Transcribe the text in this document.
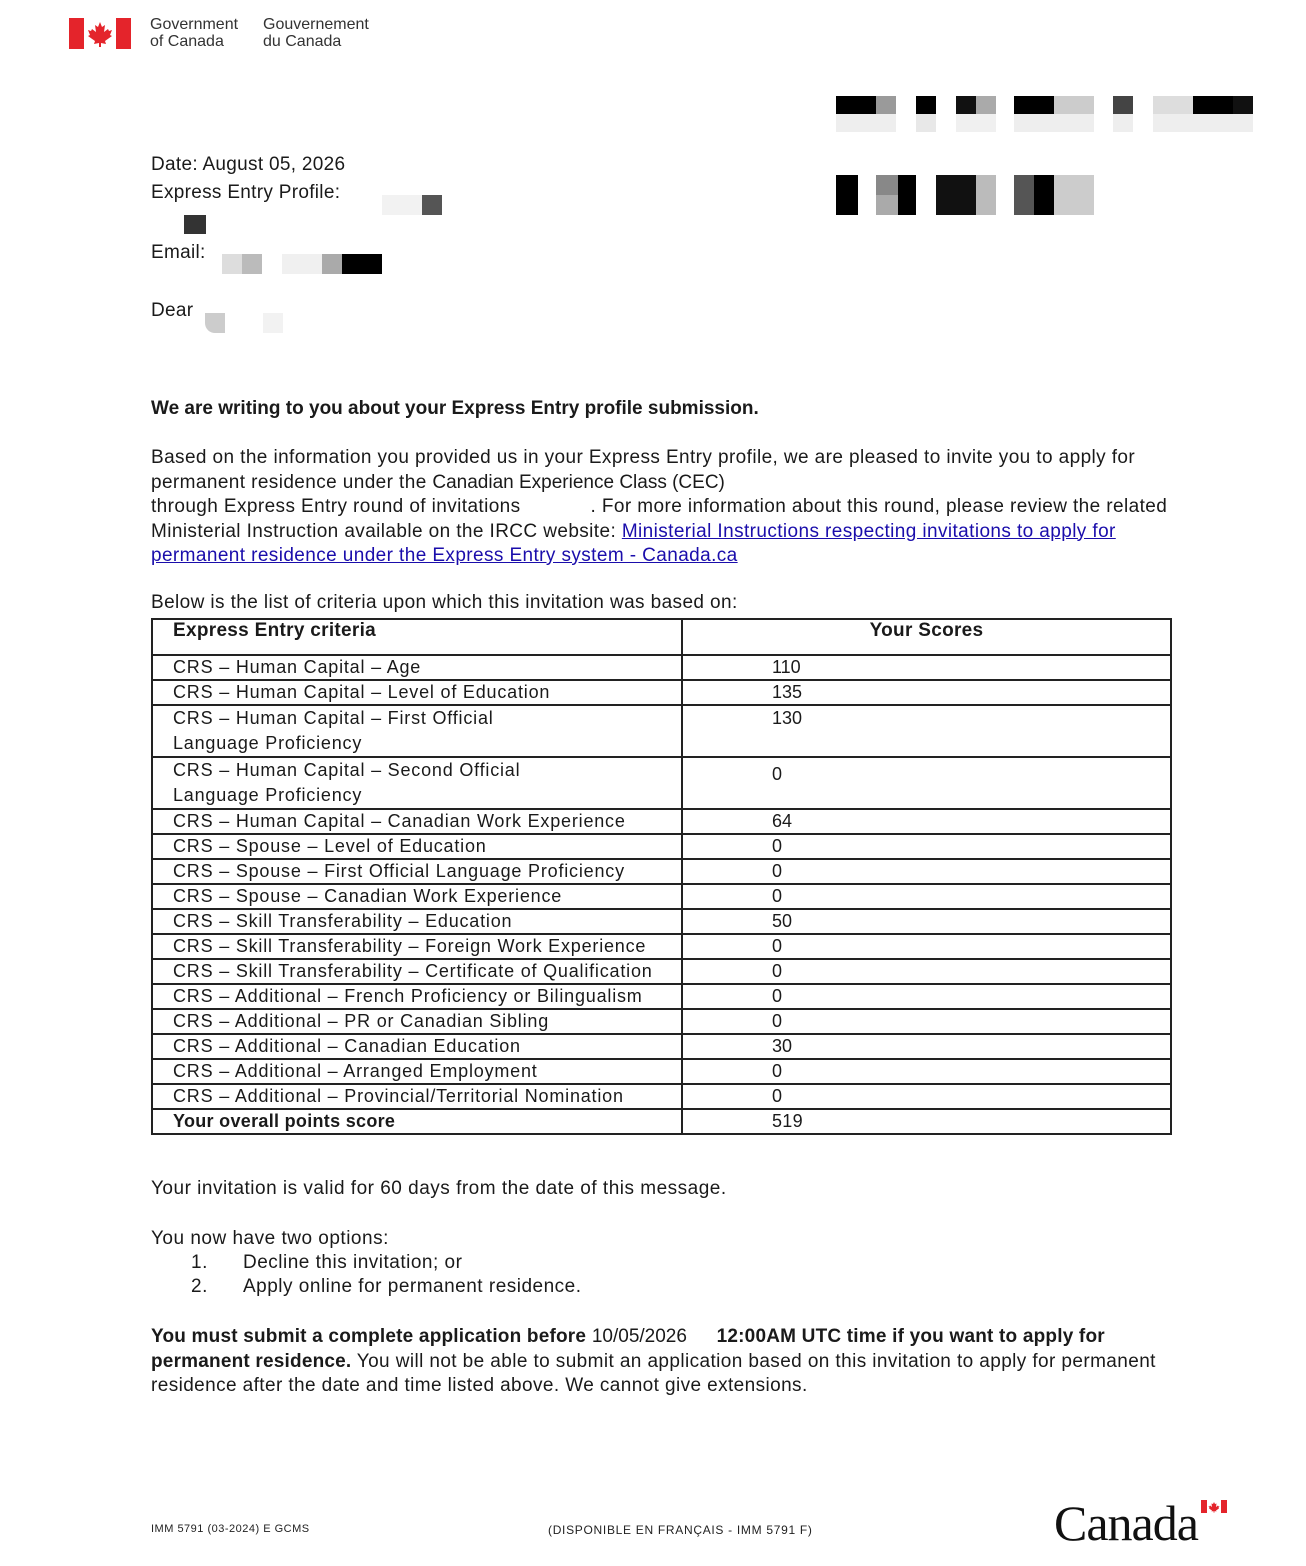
Government
of Canada
Gouvernement
du Canada
Date: August 05, 2026
Express Entry Profile:
Email:
Dear
We are writing to you about your Express Entry profile submission.
Based on the information you provided us in your Express Entry profile, we are pleased to invite you to apply for permanent residence under the Canadian Experience Class (CEC)
through Express Entry round of invitations	. For more information about this round, please review the related Ministerial Instruction available on the IRCC website: Ministerial Instructions respecting invitations to apply for permanent residence under the Express Entry system - Canada.ca
Below is the list of criteria upon which this invitation was based on:
Express Entry criteria	Your Scores
CRS – Human Capital – Age	110
CRS – Human Capital – Level of Education	135
CRS – Human Capital – First Official Language Proficiency	130
CRS – Human Capital – Second Official Language Proficiency	0
CRS – Human Capital – Canadian Work Experience	64
CRS – Spouse – Level of Education	0
CRS – Spouse – First Official Language Proficiency	0
CRS – Spouse – Canadian Work Experience	0
CRS – Skill Transferability – Education	50
CRS – Skill Transferability – Foreign Work Experience	0
CRS – Skill Transferability – Certificate of Qualification	0
CRS – Additional – French Proficiency or Bilingualism	0
CRS – Additional – PR or Canadian Sibling	0
CRS – Additional – Canadian Education	30
CRS – Additional – Arranged Employment	0
CRS – Additional – Provincial/Territorial Nomination	0
Your overall points score	519
Your invitation is valid for 60 days from the date of this message.
You now have two options:
1. Decline this invitation; or
2. Apply online for permanent residence.
You must submit a complete application before 10/05/2026 12:00AM UTC time if you want to apply for permanent residence. You will not be able to submit an application based on this invitation to apply for permanent residence after the date and time listed above. We cannot give extensions.
IMM 5791 (03-2024) E GCMS	(DISPONIBLE EN FRANÇAIS - IMM 5791 F)	Canada
